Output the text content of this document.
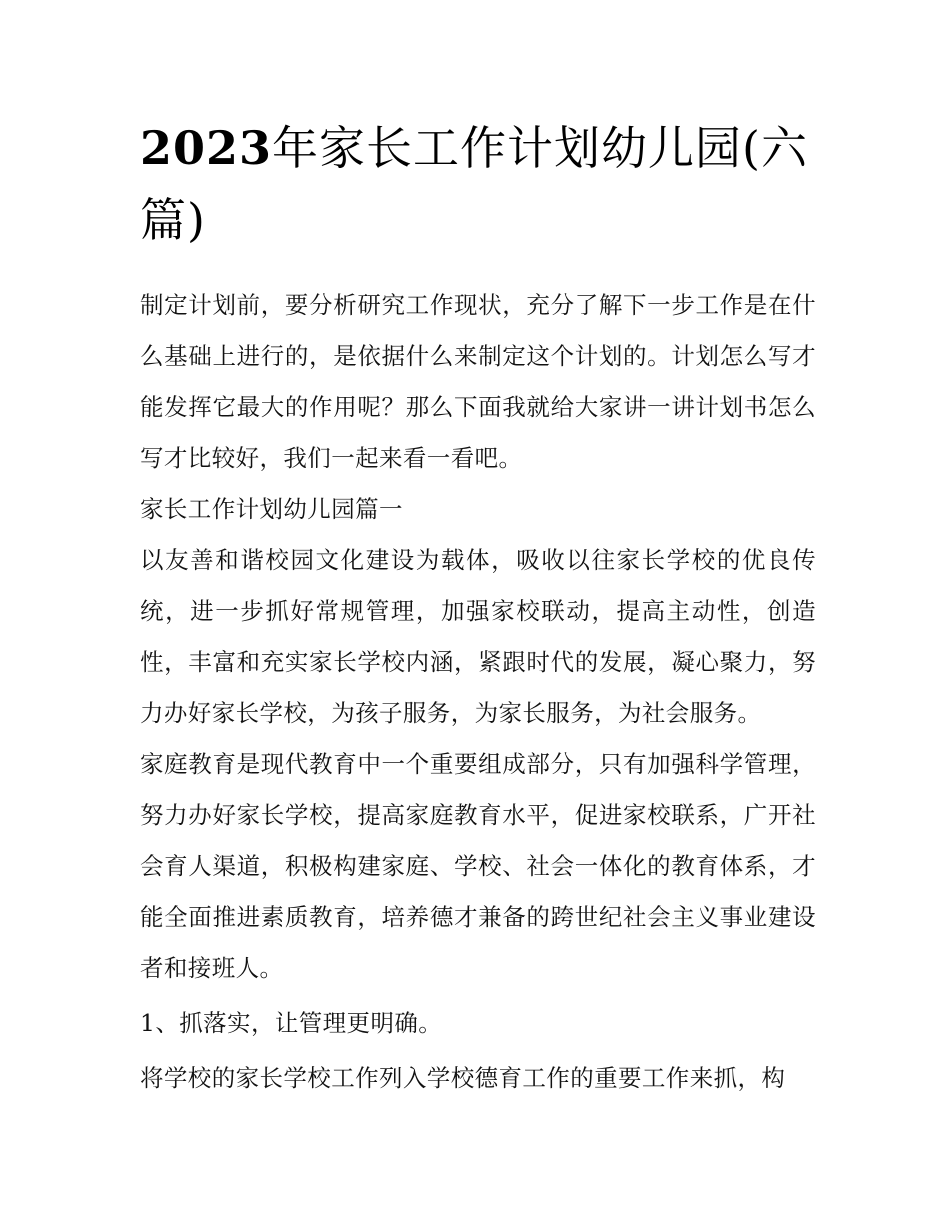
2023年家长工作计划幼儿园(六篇)

制定计划前，要分析研究工作现状，充分了解下一步工作是在什么基础上进行的，是依据什么来制定这个计划的。计划怎么写才能发挥它最大的作用呢？那么下面我就给大家讲一讲计划书怎么写才比较好，我们一起来看一看吧。

家长工作计划幼儿园篇一

以友善和谐校园文化建设为载体，吸收以往家长学校的优良传统，进一步抓好常规管理，加强家校联动，提高主动性，创造性，丰富和充实家长学校内涵，紧跟时代的发展，凝心聚力，努力办好家长学校，为孩子服务，为家长服务，为社会服务。

家庭教育是现代教育中一个重要组成部分，只有加强科学管理，努力办好家长学校，提高家庭教育水平，促进家校联系，广开社会育人渠道，积极构建家庭、学校、社会一体化的教育体系，才能全面推进素质教育，培养德才兼备的跨世纪社会主义事业建设者和接班人。

1、抓落实，让管理更明确。

将学校的家长学校工作列入学校德育工作的重要工作来抓，构
